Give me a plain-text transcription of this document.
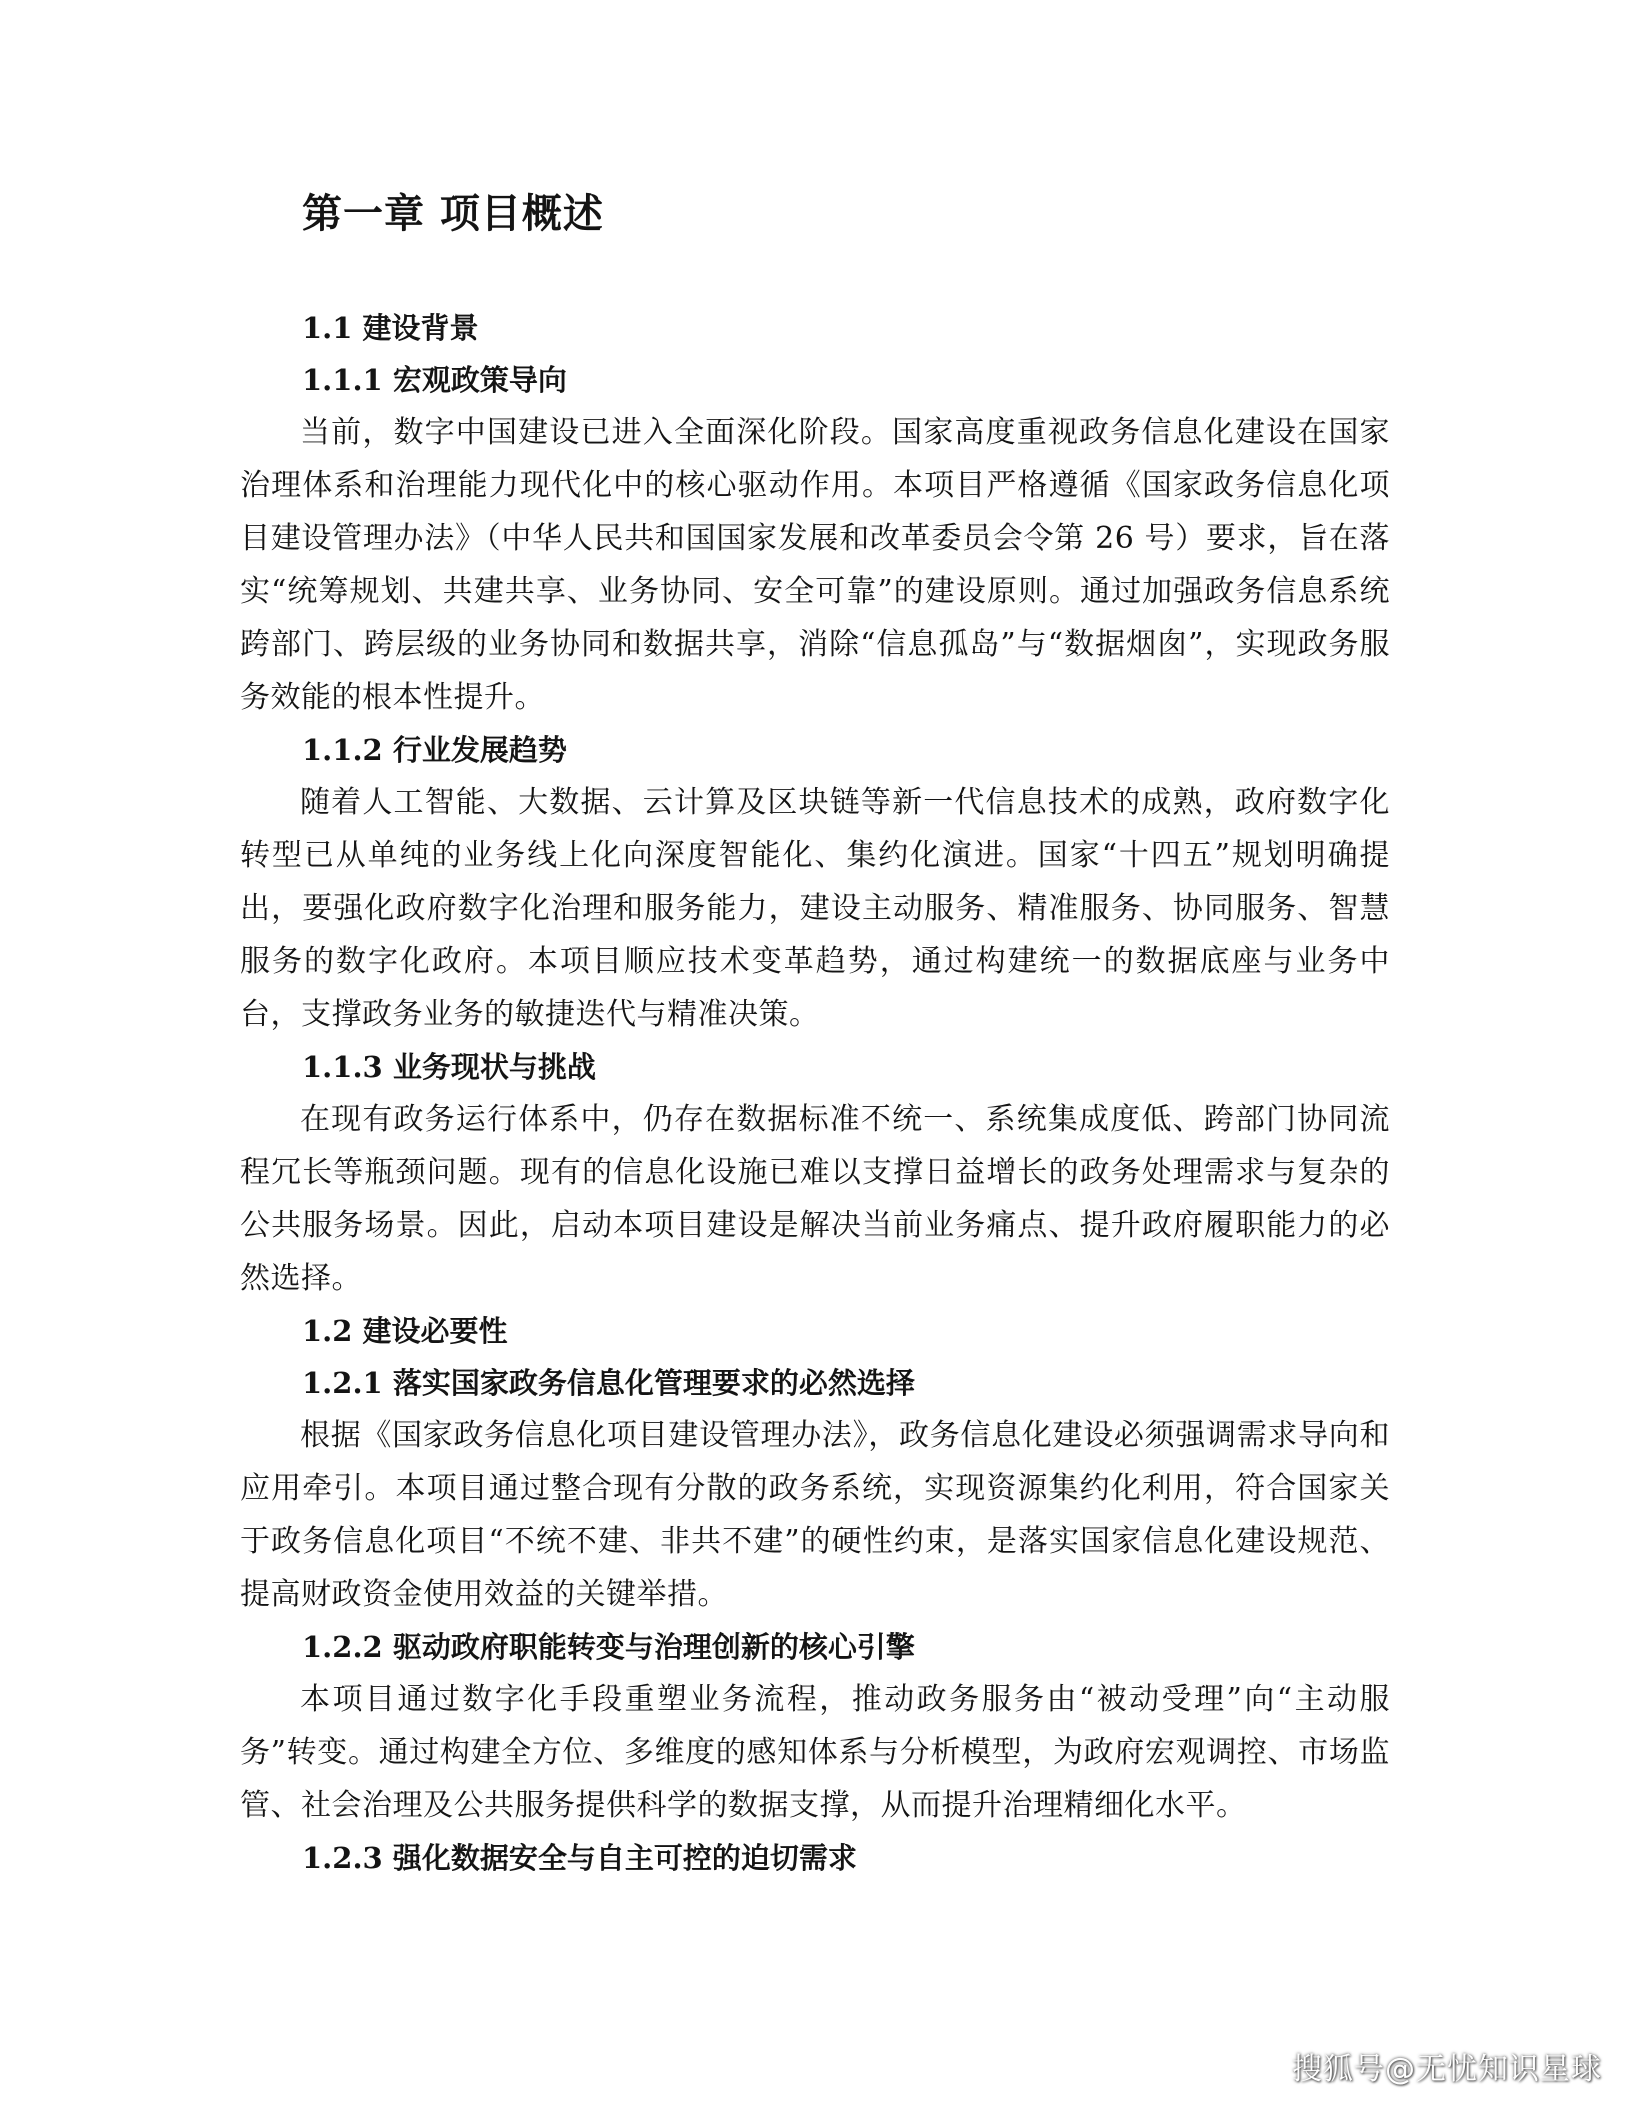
第一章 项目概述
1.1 建设背景
1.1.1 宏观政策导向

当前，数字中国建设已进入全面深化阶段。国家高度重视政务信息化建设在国家治理体系和治理能力现代化中的核心驱动作用。本项目严格遵循《国家政务信息化项目建设管理办法》（中华人民共和国国家发展和改革委员会令第 26 号）要求，旨在落实“统筹规划、共建共享、业务协同、安全可靠”的建设原则。通过加强政务信息系统跨部门、跨层级的业务协同和数据共享，消除“信息孤岛”与“数据烟囱”，实现政务服务效能的根本性提升。

1.1.2 行业发展趋势

随着人工智能、大数据、云计算及区块链等新一代信息技术的成熟，政府数字化转型已从单纯的业务线上化向深度智能化、集约化演进。国家“十四五”规划明确提出，要强化政府数字化治理和服务能力，建设主动服务、精准服务、协同服务、智慧服务的数字化政府。本项目顺应技术变革趋势，通过构建统一的数据底座与业务中台，支撑政务业务的敏捷迭代与精准决策。

1.1.3 业务现状与挑战

在现有政务运行体系中，仍存在数据标准不统一、系统集成度低、跨部门协同流程冗长等瓶颈问题。现有的信息化设施已难以支撑日益增长的政务处理需求与复杂的公共服务场景。因此，启动本项目建设是解决当前业务痛点、提升政府履职能力的必然选择。

1.2 建设必要性
1.2.1 落实国家政务信息化管理要求的必然选择

根据《国家政务信息化项目建设管理办法》，政务信息化建设必须强调需求导向和应用牵引。本项目通过整合现有分散的政务系统，实现资源集约化利用，符合国家关于政务信息化项目“不统不建、非共不建”的硬性约束，是落实国家信息化建设规范、提高财政资金使用效益的关键举措。

1.2.2 驱动政府职能转变与治理创新的核心引擎

本项目通过数字化手段重塑业务流程，推动政务服务由“被动受理”向“主动服务”转变。通过构建全方位、多维度的感知体系与分析模型，为政府宏观调控、市场监管、社会治理及公共服务提供科学的数据支撑，从而提升治理精细化水平。

1.2.3 强化数据安全与自主可控的迫切需求
搜狐号@无忧知识星球
